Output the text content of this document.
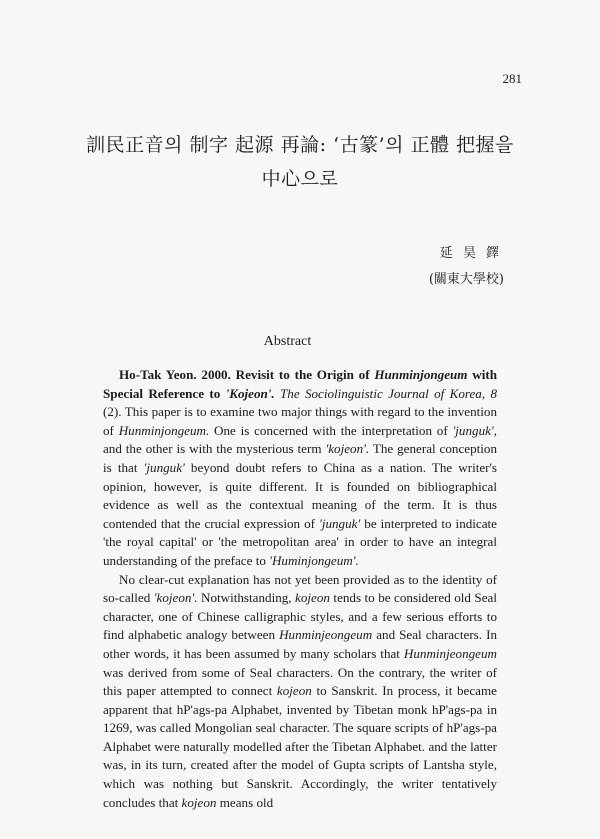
281
訓民正音의 制字 起源 再論: ‘古篆’의 正體 把握을
中心으로
延 昊 鐸
(關東大學校)
Abstract

Ho-Tak Yeon. 2000. Revisit to the Origin of Hunminjongeum with Special Reference to 'Kojeon'. The Sociolinguistic Journal of Korea, 8 (2). This paper is to examine two major things with regard to the invention of Hunminjongeum. One is concerned with the interpretation of 'junguk', and the other is with the mysterious term 'kojeon'. The general conception is that 'junguk' beyond doubt refers to China as a nation. The writer's opinion, however, is quite different. It is founded on bibliographical evidence as well as the contextual meaning of the term. It is thus contended that the crucial expression of 'junguk' be interpreted to indicate 'the royal capital' or 'the metropolitan area' in order to have an integral understanding of the preface to 'Huminjongeum'.

No clear-cut explanation has not yet been provided as to the identity of so-called 'kojeon'. Notwithstanding, kojeon tends to be considered old Seal character, one of Chinese calligraphic styles, and a few serious efforts to find alphabetic analogy between Hunminjeongeum and Seal characters. In other words, it has been assumed by many scholars that Hunminjeongeum was derived from some of Seal characters. On the contrary, the writer of this paper attempted to connect kojeon to Sanskrit. In process, it became apparent that hP'ags-pa Alphabet, invented by Tibetan monk hP'ags-pa in 1269, was called Mongolian seal character. The square scripts of hP'ags-pa Alphabet were naturally modelled after the Tibetan Alphabet. and the latter was, in its turn, created after the model of Gupta scripts of Lantsha style, which was nothing but Sanskrit. Accordingly, the writer tentatively concludes that kojeon means old
